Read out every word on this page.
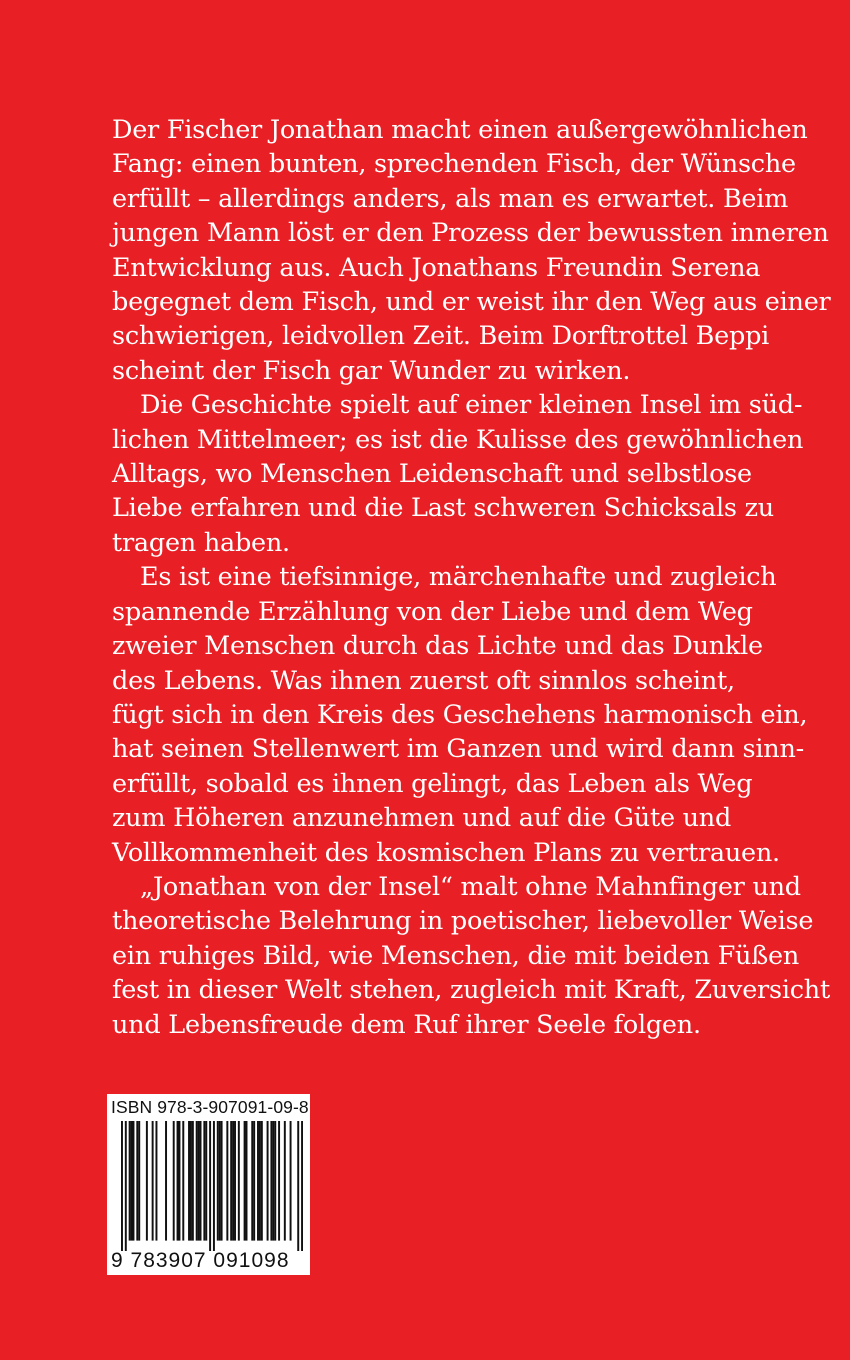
Der Fischer Jonathan macht einen außergewöhnlichen
Fang: einen bunten, sprechenden Fisch, der Wünsche
erfüllt – allerdings anders, als man es erwartet. Beim
jungen Mann löst er den Prozess der bewussten inneren
Entwicklung aus. Auch Jonathans Freundin Serena
begegnet dem Fisch, und er weist ihr den Weg aus einer
schwierigen, leidvollen Zeit. Beim Dorftrottel Beppi
scheint der Fisch gar Wunder zu wirken.

Die Geschichte spielt auf einer kleinen Insel im süd-
lichen Mittelmeer; es ist die Kulisse des gewöhnlichen
Alltags, wo Menschen Leidenschaft und selbstlose
Liebe erfahren und die Last schweren Schicksals zu
tragen haben.

Es ist eine tiefsinnige, märchenhafte und zugleich
spannende Erzählung von der Liebe und dem Weg
zweier Menschen durch das Lichte und das Dunkle
des Lebens. Was ihnen zuerst oft sinnlos scheint,
fügt sich in den Kreis des Geschehens harmonisch ein,
hat seinen Stellenwert im Ganzen und wird dann sinn-
erfüllt, sobald es ihnen gelingt, das Leben als Weg
zum Höheren anzunehmen und auf die Güte und
Vollkommenheit des kosmischen Plans zu vertrauen.

„Jonathan von der Insel“ malt ohne Mahnfinger und
theoretische Belehrung in poetischer, liebevoller Weise
ein ruhiges Bild, wie Menschen, die mit beiden Füßen
fest in dieser Welt stehen, zugleich mit Kraft, Zuversicht
und Lebensfreude dem Ruf ihrer Seele folgen.

ISBN 978-3-907091-09-8
9 783907 091098
